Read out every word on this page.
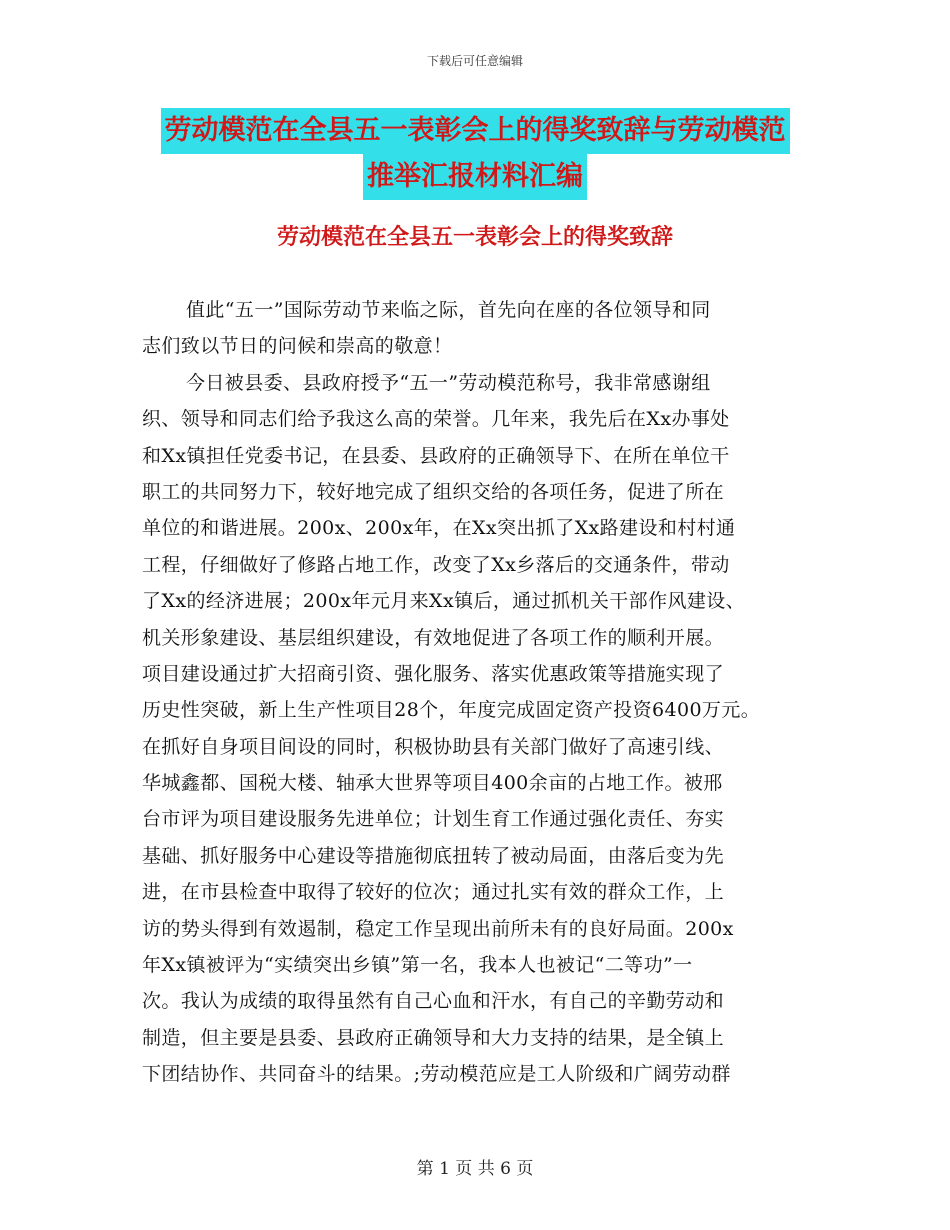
下载后可任意编辑
劳动模范在全县五一表彰会上的得奖致辞与劳动模范
推举汇报材料汇编
劳动模范在全县五一表彰会上的得奖致辞
值此“五一”国际劳动节来临之际，首先向在座的各位领导和同
志们致以节日的问候和崇高的敬意！
今日被县委、县政府授予“五一”劳动模范称号，我非常感谢组
织、领导和同志们给予我这么高的荣誉。几年来，我先后在Xx办事处
和Xx镇担任党委书记，在县委、县政府的正确领导下、在所在单位干
职工的共同努力下，较好地完成了组织交给的各项任务，促进了所在
单位的和谐进展。200x、200x年，在Xx突出抓了Xx路建设和村村通
工程，仔细做好了修路占地工作，改变了Xx乡落后的交通条件，带动
了Xx的经济进展；200x年元月来Xx镇后，通过抓机关干部作风建设、
机关形象建设、基层组织建设，有效地促进了各项工作的顺利开展。
项目建设通过扩大招商引资、强化服务、落实优惠政策等措施实现了
历史性突破，新上生产性项目28个，年度完成固定资产投资6400万元。
在抓好自身项目间设的同时，积极协助县有关部门做好了高速引线、
华城鑫都、国税大楼、轴承大世界等项目400余亩的占地工作。被邢
台市评为项目建设服务先进单位；计划生育工作通过强化责任、夯实
基础、抓好服务中心建设等措施彻底扭转了被动局面，由落后变为先
进，在市县检查中取得了较好的位次；通过扎实有效的群众工作，上
访的势头得到有效遏制，稳定工作呈现出前所未有的良好局面。200x
年Xx镇被评为“实绩突出乡镇”第一名，我本人也被记“二等功”一
次。我认为成绩的取得虽然有自己心血和汗水，有自己的辛勤劳动和
制造，但主要是县委、县政府正确领导和大力支持的结果，是全镇上
下团结协作、共同奋斗的结果。;劳动模范应是工人阶级和广阔劳动群
第 1 页 共 6 页
